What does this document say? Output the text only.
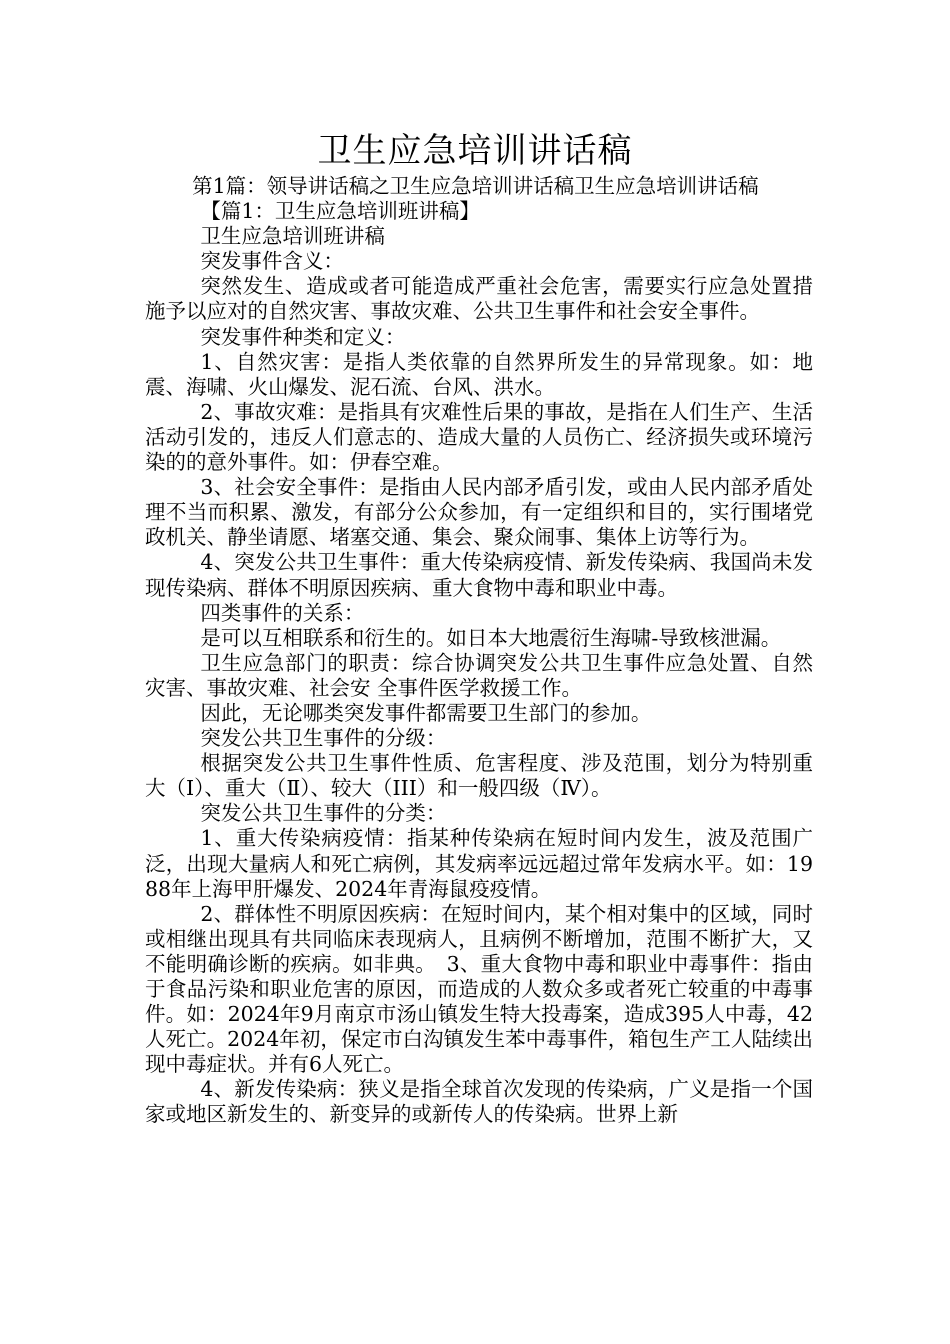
卫生应急培训讲话稿

第1篇：领导讲话稿之卫生应急培训讲话稿卫生应急培训讲话稿

【篇1：卫生应急培训班讲稿】

卫生应急培训班讲稿

突发事件含义：

突然发生、造成或者可能造成严重社会危害，需要实行应急处置措施予以应对的自然灾害、事故灾难、公共卫生事件和社会安全事件。

突发事件种类和定义：

1、自然灾害：是指人类依靠的自然界所发生的异常现象。如：地震、海啸、火山爆发、泥石流、台风、洪水。

2、事故灾难：是指具有灾难性后果的事故，是指在人们生产、生活活动引发的，违反人们意志的、造成大量的人员伤亡、经济损失或环境污染的的意外事件。如：伊春空难。

3、社会安全事件：是指由人民内部矛盾引发，或由人民内部矛盾处理不当而积累、激发，有部分公众参加，有一定组织和目的，实行围堵党政机关、静坐请愿、堵塞交通、集会、聚众闹事、集体上访等行为。

4、突发公共卫生事件：重大传染病疫情、新发传染病、我国尚未发现传染病、群体不明原因疾病、重大食物中毒和职业中毒。

四类事件的关系：

是可以互相联系和衍生的。如日本大地震衍生海啸-导致核泄漏。

卫生应急部门的职责：综合协调突发公共卫生事件应急处置、自然灾害、事故灾难、社会安 全事件医学救援工作。

因此，无论哪类突发事件都需要卫生部门的参加。

突发公共卫生事件的分级：

根据突发公共卫生事件性质、危害程度、涉及范围，划分为特别重大（Ⅰ）、重大（Ⅱ）、较大（III）和一般四级（Ⅳ）。

突发公共卫生事件的分类：

1、重大传染病疫情：指某种传染病在短时间内发生，波及范围广泛，出现大量病人和死亡病例，其发病率远远超过常年发病水平。如：1988年上海甲肝爆发、2024年青海鼠疫疫情。

2、群体性不明原因疾病：在短时间内，某个相对集中的区域，同时或相继出现具有共同临床表现病人，且病例不断增加，范围不断扩大，又不能明确诊断的疾病。如非典。　3、重大食物中毒和职业中毒事件：指由于食品污染和职业危害的原因，而造成的人数众多或者死亡较重的中毒事件。如：2024年9月南京市汤山镇发生特大投毒案，造成395人中毒，42人死亡。2024年初，保定市白沟镇发生苯中毒事件，箱包生产工人陆续出现中毒症状。并有6人死亡。

4、新发传染病：狭义是指全球首次发现的传染病，广义是指一个国家或地区新发生的、新变异的或新传人的传染病。世界上新
